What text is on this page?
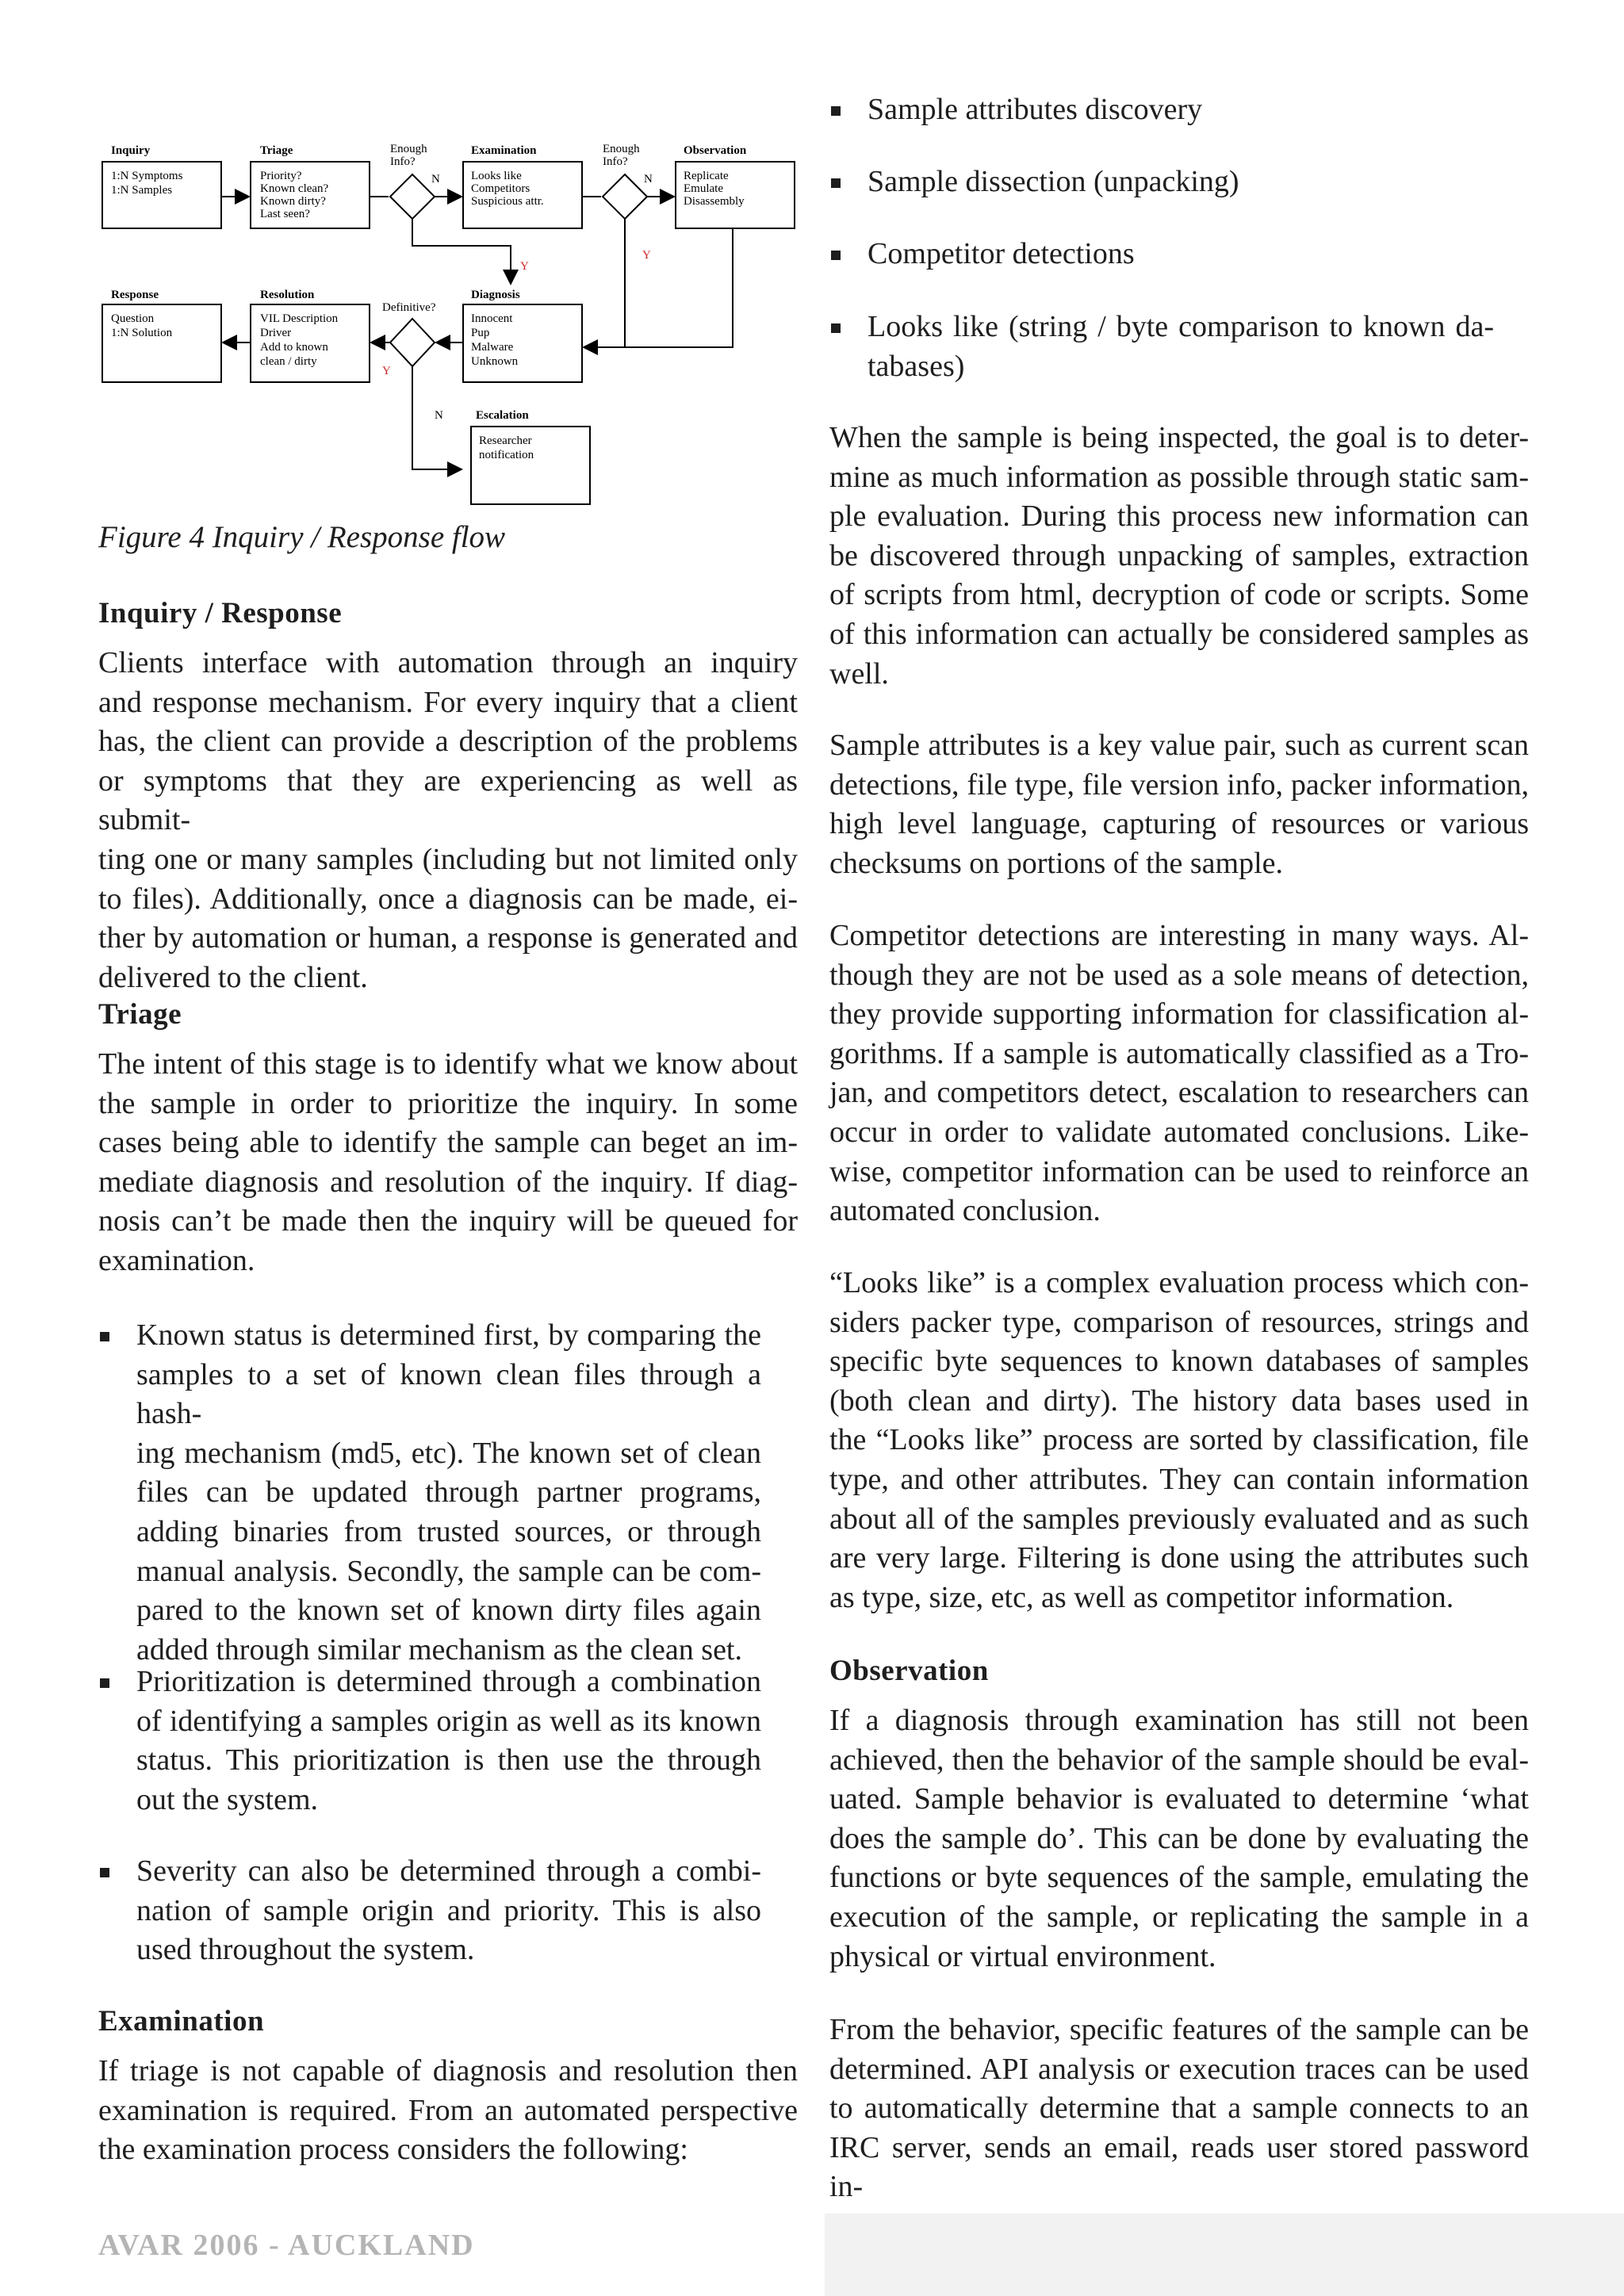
Inquiry
1:N Symptoms
1:N Samples
Triage
Priority?
Known clean?
Known dirty?
Last seen?
Enough
Info?
N
Examination
Looks like
Competitors
Suspicious attr.
Enough
Info?
N
Observation
Replicate
Emulate
Disassembly
Y
Y
Response
Question
1:N Solution
Resolution
VIL Description
Driver
Add to known
clean / dirty
Definitive?
Y
Diagnosis
Innocent
Pup
Malware
Unknown
N	Escalation
Researcher
notification
Figure 4 Inquiry / Response flow
Inquiry / Response
Clients interface with automation through an inquiry
and response mechanism. For every inquiry that a client
has, the client can provide a description of the problems
or symptoms that they are experiencing as well as submit-
ting one or many samples (including but not limited only
to files). Additionally, once a diagnosis can be made, ei-
ther by automation or human, a response is generated and
delivered to the client.
Triage
The intent of this stage is to identify what we know about
the sample in order to prioritize the inquiry. In some
cases being able to identify the sample can beget an im-
mediate diagnosis and resolution of the inquiry. If diag-
nosis can’t be made then the inquiry will be queued for
examination.
Known status is determined first, by comparing the
samples to a set of known clean files through a hash-
ing mechanism (md5, etc). The known set of clean
files can be updated through partner programs,
adding binaries from trusted sources, or through
manual analysis. Secondly, the sample can be com-
pared to the known set of known dirty files again
added through similar mechanism as the clean set.
Prioritization is determined through a combination
of identifying a samples origin as well as its known
status. This prioritization is then use the through
out the system.
Severity can also be determined through a combi-
nation of sample origin and priority. This is also
used throughout the system.
Examination
If triage is not capable of diagnosis and resolution then
examination is required. From an automated perspective
the examination process considers the following:
Sample attributes discovery
Sample dissection (unpacking)
Competitor detections
Looks like (string / byte comparison to known da-
tabases)
When the sample is being inspected, the goal is to deter-
mine as much information as possible through static sam-
ple evaluation. During this process new information can
be discovered through unpacking of samples, extraction
of scripts from html, decryption of code or scripts. Some
of this information can actually be considered samples as
well.
Sample attributes is a key value pair, such as current scan
detections, file type, file version info, packer information,
high level language, capturing of resources or various
checksums on portions of the sample.
Competitor detections are interesting in many ways. Al-
though they are not be used as a sole means of detection,
they provide supporting information for classification al-
gorithms. If a sample is automatically classified as a Tro-
jan, and competitors detect, escalation to researchers can
occur in order to validate automated conclusions. Like-
wise, competitor information can be used to reinforce an
automated conclusion.
“Looks like” is a complex evaluation process which con-
siders packer type, comparison of resources, strings and
specific byte sequences to known databases of samples
(both clean and dirty). The history data bases used in
the “Looks like” process are sorted by classification, file
type, and other attributes. They can contain information
about all of the samples previously evaluated and as such
are very large. Filtering is done using the attributes such
as type, size, etc, as well as competitor information.
Observation
If a diagnosis through examination has still not been
achieved, then the behavior of the sample should be eval-
uated. Sample behavior is evaluated to determine ‘what
does the sample do’. This can be done by evaluating the
functions or byte sequences of the sample, emulating the
execution of the sample, or replicating the sample in a
physical or virtual environment.
From the behavior, specific features of the sample can be
determined. API analysis or execution traces can be used
to automatically determine that a sample connects to an
IRC server, sends an email, reads user stored password in-
AVAR 2006 - AUCKLAND
